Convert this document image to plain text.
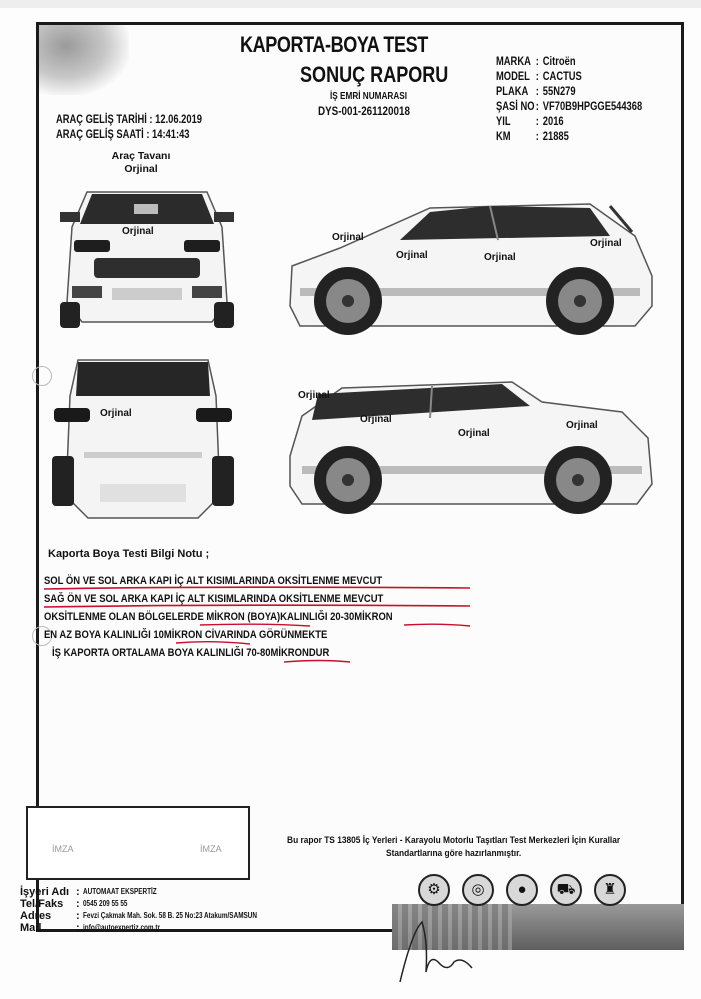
KAPORTA-BOYA TEST
SONUÇ RAPORU
İŞ EMRİ NUMARASI
DYS-001-261120018
ARAÇ GELİŞ TARİHİ : 12.06.2019
ARAÇ GELİŞ SAATİ : 14:41:43
MARKA : Citroën
MODEL : CACTUS
PLAKA : 55N279
ŞASİ NO : VF70B9HPGGE544368
YIL	: 2016
KM	: 21885
Araç Tavanı
Orjinal
Orjinal
Orjinal
Orjinal	Orjinal
Orjinal
Orjinal
Orjinal
Orjinal
Orjinal
Orjinal
Kaporta Boya Testi Bilgi Notu ;
SOL ÖN VE SOL ARKA KAPI İÇ ALT KISIMLARINDA OKSİTLENME MEVCUT
SAĞ ÖN VE SOL ARKA KAPI İÇ ALT KISIMLARINDA OKSİTLENME MEVCUT
OKSİTLENME OLAN BÖLGELERDE MİKRON (BOYA)KALINLIĞI 20-30MİKRON
EN AZ BOYA KALINLIĞI 10MİKRON CİVARINDA GÖRÜNMEKTE
İŞ KAPORTA ORTALAMA BOYA KALINLIĞI 70-80MİKRONDUR
İMZA	İMZA
Bu rapor TS 13805 İç Yerleri - Karayolu Motorlu Taşıtları Test Merkezleri İçin Kurallar Standartlarına göre hazırlanmıştır.
⚙	◎	●	⛟	♜
İşyeri Adı : AUTOMAAT EKSPERTİZ
Tel/Faks	: 0545 209 55 55
Adres	: Fevzi Çakmak Mah. Sok. 58 B. 25 No:23 Atakum/SAMSUN
Mail	: info@autoexpertiz.com.tr
